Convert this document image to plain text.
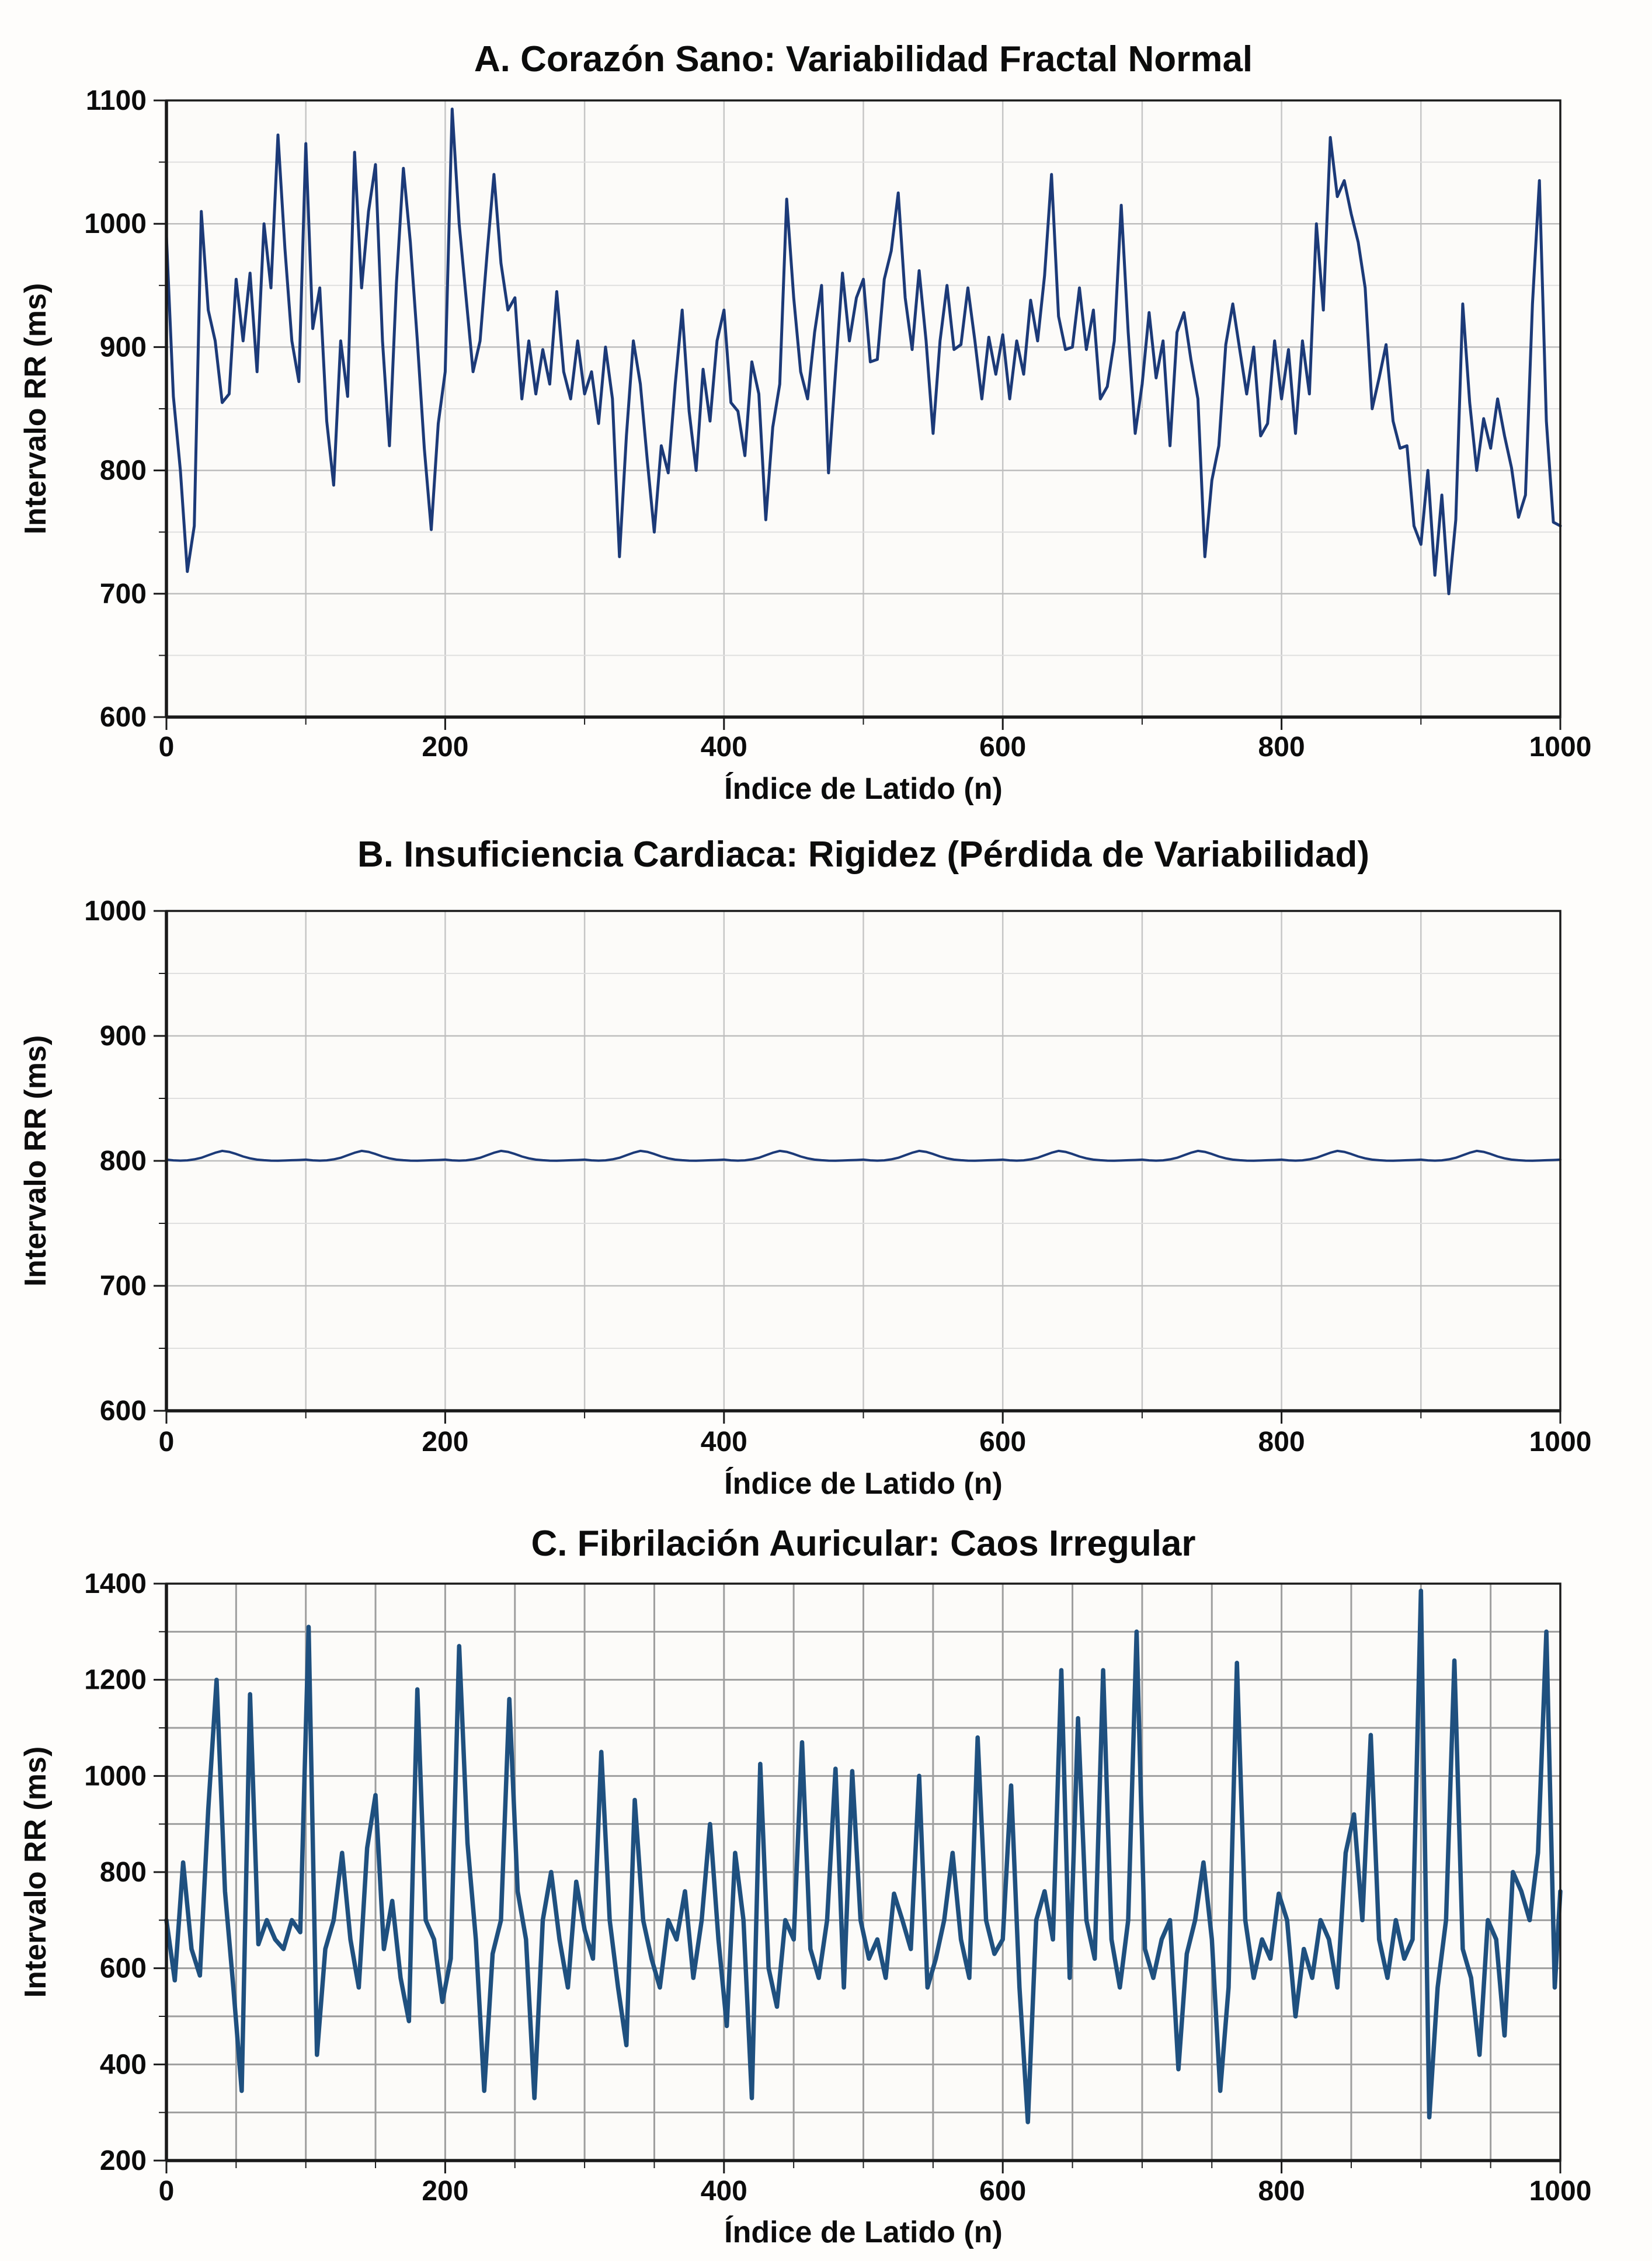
0	200	400	600	800	1000
600
700
800
900
1000
1100
A. Corazón Sano: Variabilidad Fractal Normal
Índice de Latido (n)
Intervalo RR (ms)
0	200	400	600	800	1000
600
700
800
900
1000
B. Insuficiencia Cardiaca: Rigidez (Pérdida de Variabilidad)
Índice de Latido (n)
Intervalo RR (ms)
0	200	400	600	800	1000
200
400
600
800
1000
1200
1400
C. Fibrilación Auricular: Caos Irregular
Índice de Latido (n)
Intervalo RR (ms)
